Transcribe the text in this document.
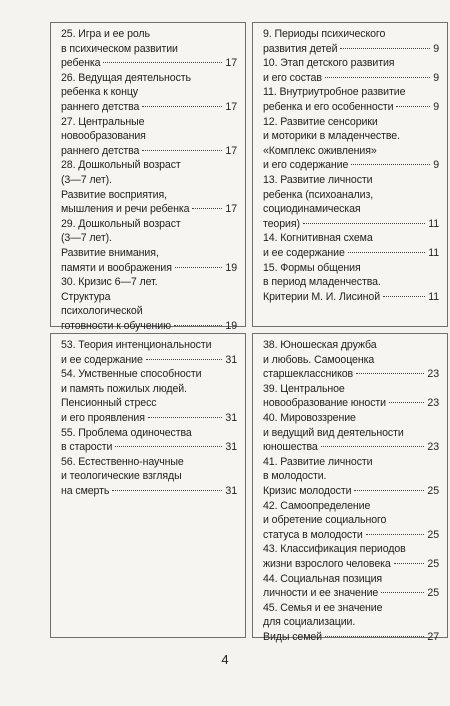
25. Игра и ее роль
в психическом развитии
ребенка	17
26. Ведущая деятельность
ребенка к концу
раннего детства	17
27. Центральные
новообразования
раннего детства	17
28. Дошкольный возраст
(3—7 лет).
Развитие восприятия,
мышления и речи ребенка	17
29. Дошкольный возраст
(3—7 лет).
Развитие внимания,
памяти и воображения	19
30. Кризис 6—7 лет.
Структура
психологической
готовности к обучению	19
9. Периоды психического
развития детей	9
10. Этап детского развития
и его состав	9
11. Внутриутробное развитие
ребенка и его особенности	9
12. Развитие сенсорики
и моторики в младенчестве.
«Комплекс оживления»
и его содержание	9
13. Развитие личности
ребенка (психоанализ,
социодинамическая
теория)	11
14. Когнитивная схема
и ее содержание	11
15. Формы общения
в период младенчества.
Критерии М. И. Лисиной	11
53. Теория интенциональности
и ее содержание	31
54. Умственные способности
и память пожилых людей.
Пенсионный стресс
и его проявления	31
55. Проблема одиночества
в старости	31
56. Естественно-научные
и теологические взгляды
на смерть	31
38. Юношеская дружба
и любовь. Самооценка
старшеклассников	23
39. Центральное
новообразование юности	23
40. Мировоззрение
и ведущий вид деятельности
юношества	23
41. Развитие личности
в молодости.
Кризис молодости	25
42. Самоопределение
и обретение социального
статуса в молодости	25
43. Классификация периодов
жизни взрослого человека	25
44. Социальная позиция
личности и ее значение	25
45. Семья и ее значение
для социализации.
Виды семей	27
4
